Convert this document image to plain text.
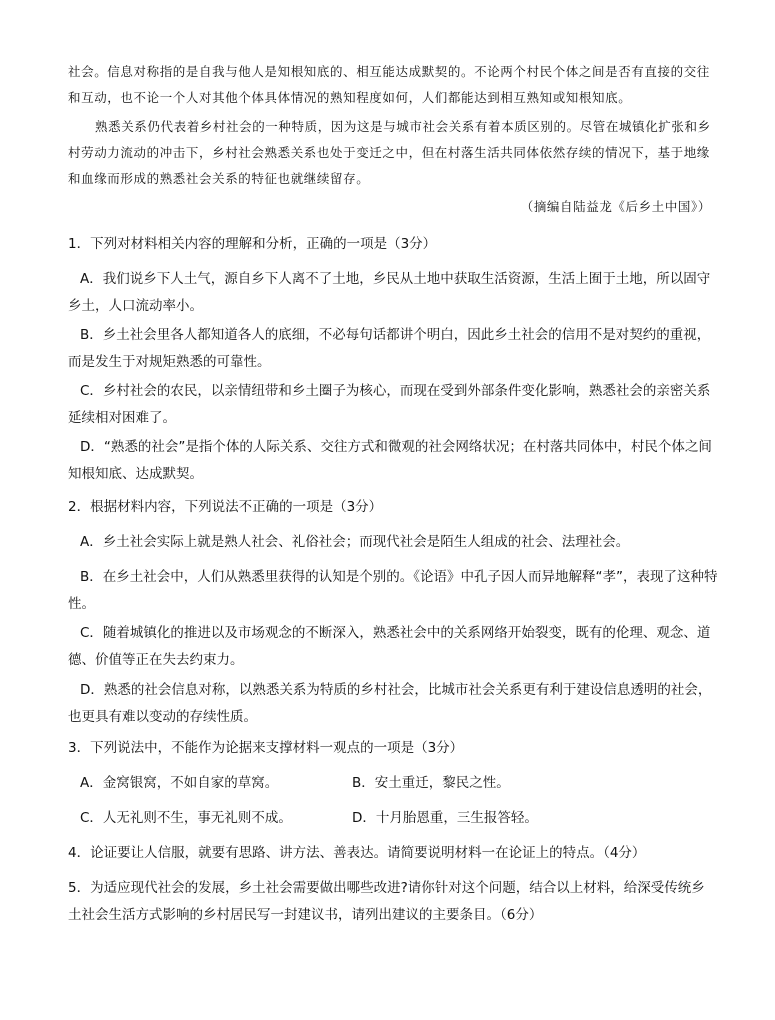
社会。信息对称指的是自我与他人是知根知底的、相互能达成默契的。不论两个村民个体之间是否有直接的交往和互动，也不论一个人对其他个体具体情况的熟知程度如何，人们都能达到相互熟知或知根知底。

熟悉关系仍代表着乡村社会的一种特质，因为这是与城市社会关系有着本质区别的。尽管在城镇化扩张和乡村劳动力流动的冲击下，乡村社会熟悉关系也处于变迁之中，但在村落生活共同体依然存续的情况下，基于地缘和血缘而形成的熟悉社会关系的特征也就继续留存。

（摘编自陆益龙《后乡土中国》）

1．下列对材料相关内容的理解和分析，正确的一项是（3分）

A．我们说乡下人土气，源自乡下人离不了土地，乡民从土地中获取生活资源，生活上囿于土地，所以固守乡土，人口流动率小。

B．乡土社会里各人都知道各人的底细，不必每句话都讲个明白，因此乡土社会的信用不是对契约的重视，而是发生于对规矩熟悉的可靠性。

C．乡村社会的农民，以亲情纽带和乡土圈子为核心，而现在受到外部条件变化影响，熟悉社会的亲密关系延续相对困难了。

D．“熟悉的社会”是指个体的人际关系、交往方式和微观的社会网络状况；在村落共同体中，村民个体之间知根知底、达成默契。

2．根据材料内容，下列说法不正确的一项是（3分）

A．乡土社会实际上就是熟人社会、礼俗社会；而现代社会是陌生人组成的社会、法理社会。

B．在乡土社会中，人们从熟悉里获得的认知是个别的。《论语》中孔子因人而异地解释“孝”，表现了这种特性。

C．随着城镇化的推进以及市场观念的不断深入，熟悉社会中的关系网络开始裂变，既有的伦理、观念、道德、价值等正在失去约束力。

D．熟悉的社会信息对称，以熟悉关系为特质的乡村社会，比城市社会关系更有利于建设信息透明的社会，也更具有难以变动的存续性质。

3．下列说法中，不能作为论据来支撑材料一观点的一项是（3分）

A．金窝银窝，不如自家的草窝。	B．安土重迁，黎民之性。

C．人无礼则不生，事无礼则不成。	D．十月胎恩重，三生报答轻。

4．论证要让人信服，就要有思路、讲方法、善表达。请简要说明材料一在论证上的特点。（4分）

5．为适应现代社会的发展，乡土社会需要做出哪些改进?请你针对这个问题，结合以上材料，给深受传统乡土社会生活方式影响的乡村居民写一封建议书，请列出建议的主要条目。（6分）
